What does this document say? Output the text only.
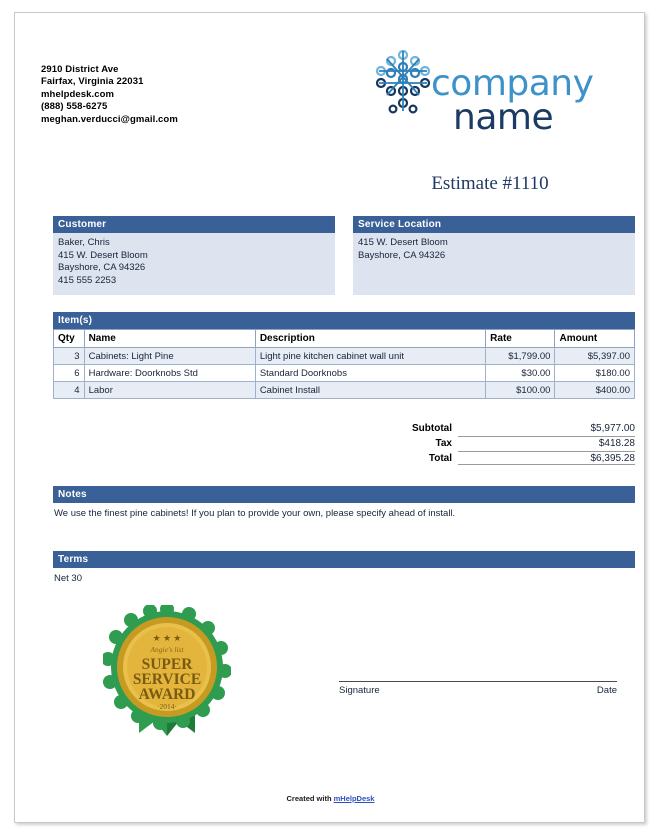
2910 District Ave
Fairfax, Virginia 22031
mhelpdesk.com
(888) 558-6275
meghan.verducci@gmail.com
company
name
Estimate #1110
Customer
Baker, Chris
415 W. Desert Bloom
Bayshore, CA 94326
415 555 2253
Service Location
415 W. Desert Bloom
Bayshore, CA 94326
Item(s)
Qty	Name	Description	Rate	Amount
3	Cabinets: Light Pine	Light pine kitchen cabinet wall unit	$1,799.00	$5,397.00
6	Hardware: Doorknobs Std	Standard Doorknobs	$30.00	$180.00
4	Labor	Cabinet Install	$100.00	$400.00
Subtotal	$5,977.00
Tax	$418.28
Total	$6,395.28
Notes
We use the finest pine cabinets! If you plan to provide your own, please specify ahead of install.
Terms
Net 30
★ ★ ★
Angie's list
SUPER
SERVICE
AWARD
·2014·
Signature	Date
Created with mHelpDesk
